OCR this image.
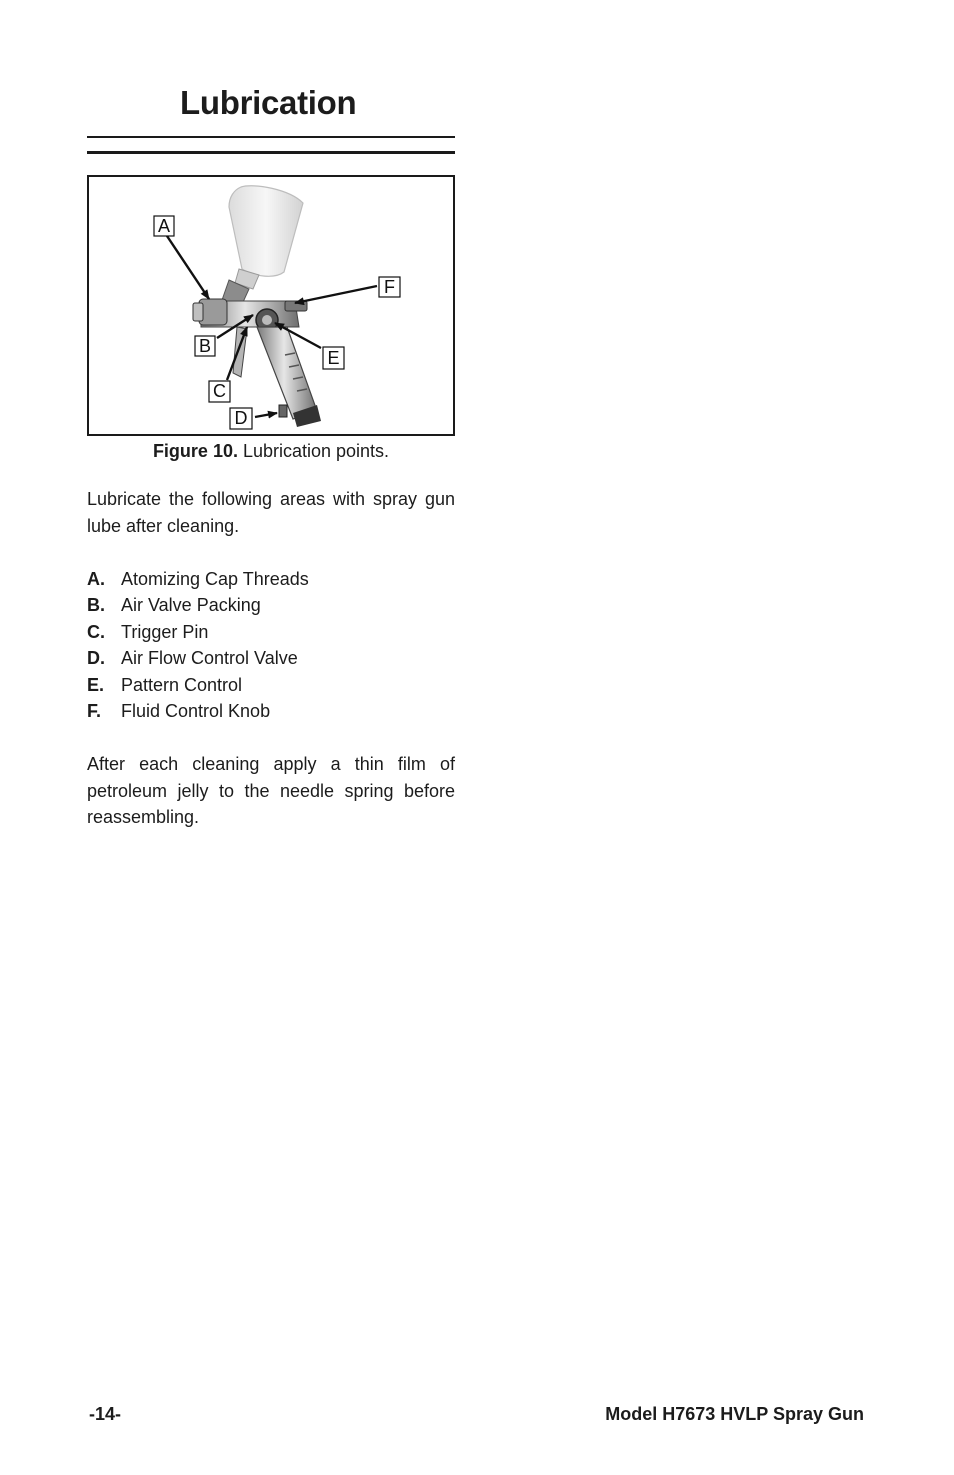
Lubrication
A
F
B
E
C
D

Figure 10. Lubrication points.

Lubricate the following areas with spray gun lube after cleaning.

A. Atomizing Cap Threads
B. Air Valve Packing
C. Trigger Pin
D. Air Flow Control Valve
E. Pattern Control
F. Fluid Control Knob

After each cleaning apply a thin film of petroleum jelly to the needle spring before reassembling.

-14-	Model H7673 HVLP Spray Gun
